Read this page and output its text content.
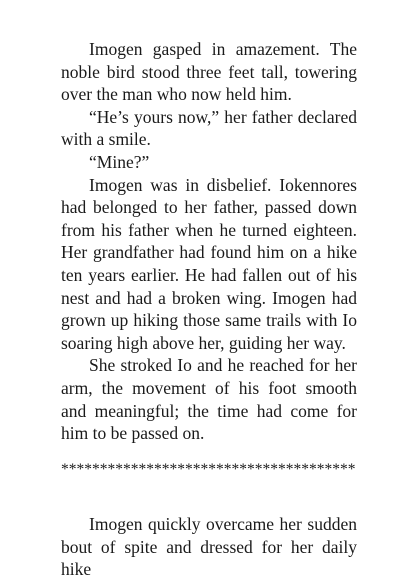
Imogen gasped in amazement. The noble bird stood three feet tall, towering over the man who now held him.

“He’s yours now,” her father declared with a smile.

“Mine?”

Imogen was in disbelief. Iokennores had belonged to her father, passed down from his father when he turned eighteen. Her grandfather had found him on a hike ten years earlier. He had fallen out of his nest and had a broken wing. Imogen had grown up hiking those same trails with Io soaring high above her, guiding her way.

She stroked Io and he reached for her arm, the movement of his foot smooth and meaningful; the time had come for him to be passed on.

**************************************

Imogen quickly overcame her sudden bout of spite and dressed for her daily hike
